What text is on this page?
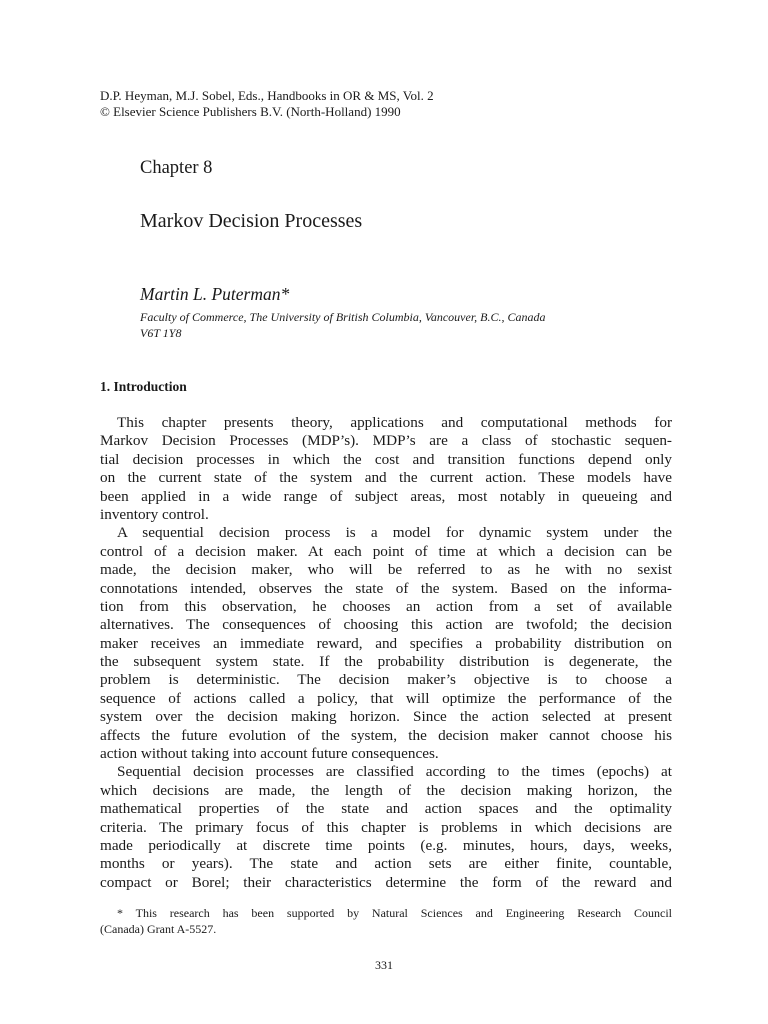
D.P. Heyman, M.J. Sobel, Eds., Handbooks in OR & MS, Vol. 2
© Elsevier Science Publishers B.V. (North-Holland) 1990
Chapter 8
Markov Decision Processes
Martin L. Puterman*
Faculty of Commerce, The University of British Columbia, Vancouver, B.C., Canada
V6T 1Y8
1. Introduction
This chapter presents theory, applications and computational methods for
Markov Decision Processes (MDP’s). MDP’s are a class of stochastic sequen-
tial decision processes in which the cost and transition functions depend only
on the current state of the system and the current action. These models have
been applied in a wide range of subject areas, most notably in queueing and
inventory control.
A sequential decision process is a model for dynamic system under the
control of a decision maker. At each point of time at which a decision can be
made, the decision maker, who will be referred to as he with no sexist
connotations intended, observes the state of the system. Based on the informa-
tion from this observation, he chooses an action from a set of available
alternatives. The consequences of choosing this action are twofold; the decision
maker receives an immediate reward, and specifies a probability distribution on
the subsequent system state. If the probability distribution is degenerate, the
problem is deterministic. The decision maker’s objective is to choose a
sequence of actions called a policy, that will optimize the performance of the
system over the decision making horizon. Since the action selected at present
affects the future evolution of the system, the decision maker cannot choose his
action without taking into account future consequences.
Sequential decision processes are classified according to the times (epochs) at
which decisions are made, the length of the decision making horizon, the
mathematical properties of the state and action spaces and the optimality
criteria. The primary focus of this chapter is problems in which decisions are
made periodically at discrete time points (e.g. minutes, hours, days, weeks,
months or years). The state and action sets are either finite, countable,
compact or Borel; their characteristics determine the form of the reward and
* This research has been supported by Natural Sciences and Engineering Research Council
(Canada) Grant A-5527.
331
